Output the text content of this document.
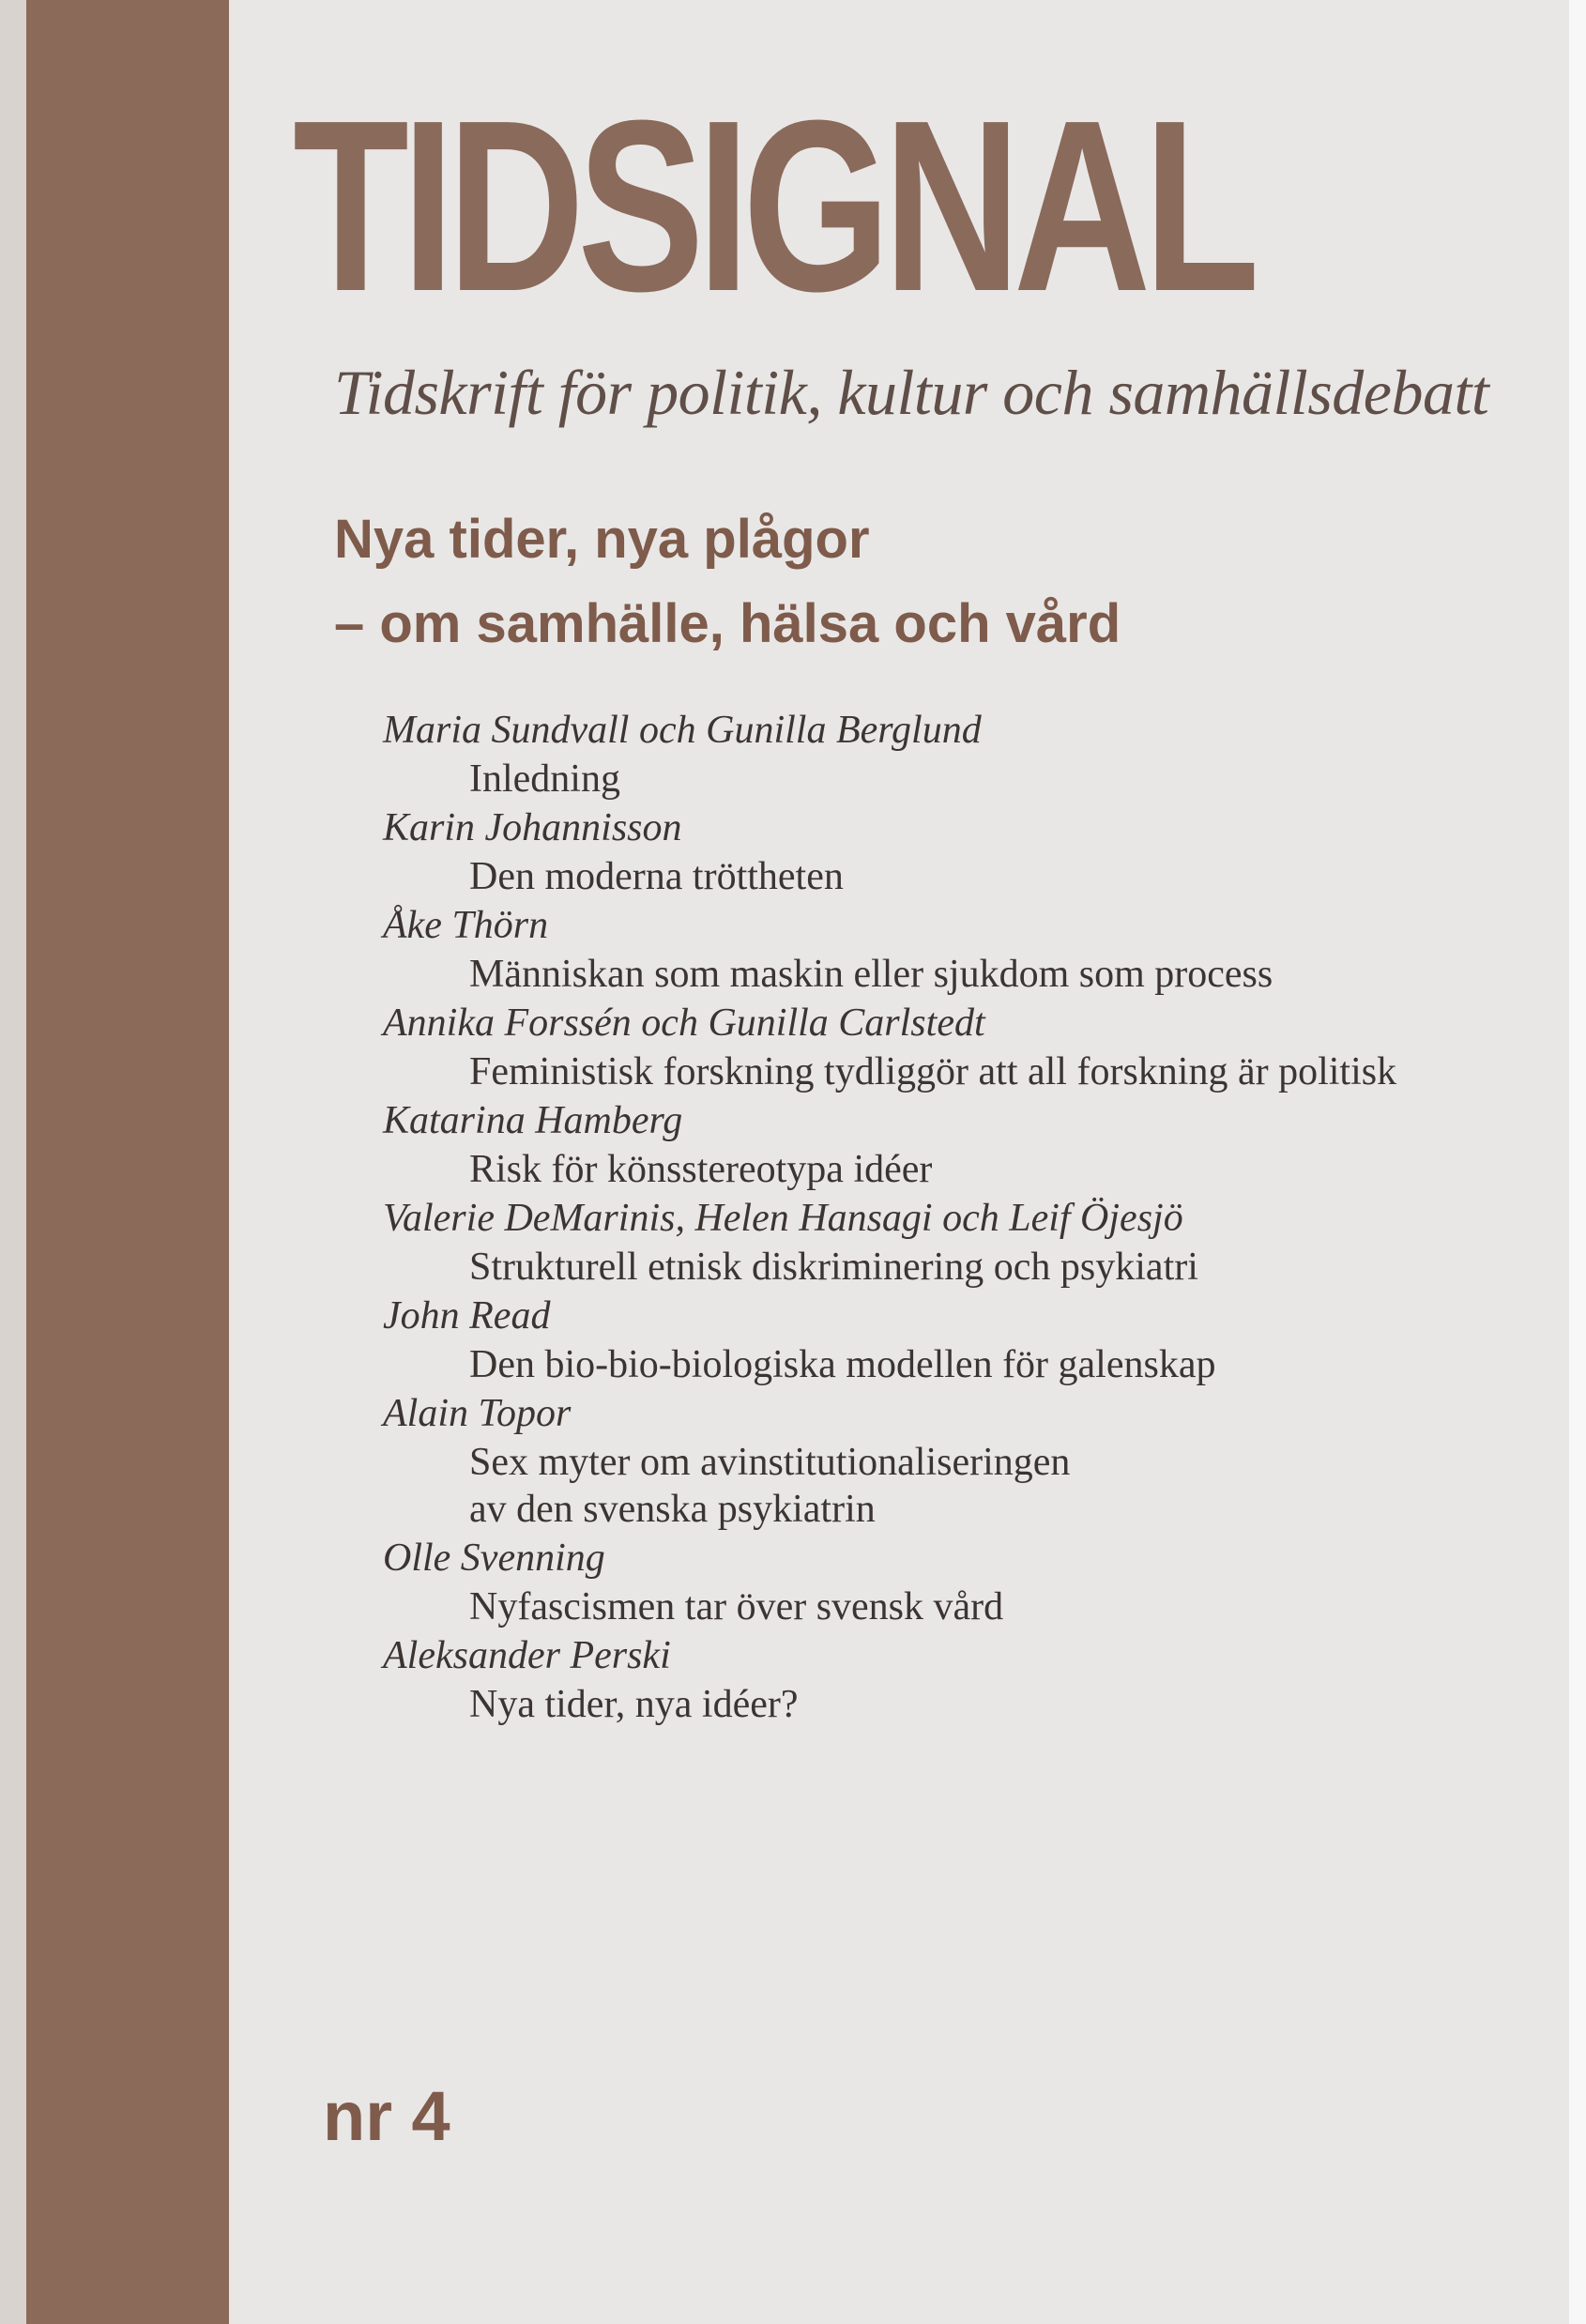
TIDSIGNAL
Tidskrift för politik, kultur och samhällsdebatt
Nya tider, nya plågor
– om samhälle, hälsa och vård
Maria Sundvall och Gunilla Berglund
Inledning
Karin Johannisson
Den moderna tröttheten
Åke Thörn
Människan som maskin eller sjukdom som process
Annika Forssén och Gunilla Carlstedt
Feministisk forskning tydliggör att all forskning är politisk
Katarina Hamberg
Risk för könsstereotypa idéer
Valerie DeMarinis, Helen Hansagi och Leif Öjesjö
Strukturell etnisk diskriminering och psykiatri
John Read
Den bio-bio-biologiska modellen för galenskap
Alain Topor
Sex myter om avinstitutionaliseringen
av den svenska psykiatrin
Olle Svenning
Nyfascismen tar över svensk vård
Aleksander Perski
Nya tider, nya idéer?
nr 4
